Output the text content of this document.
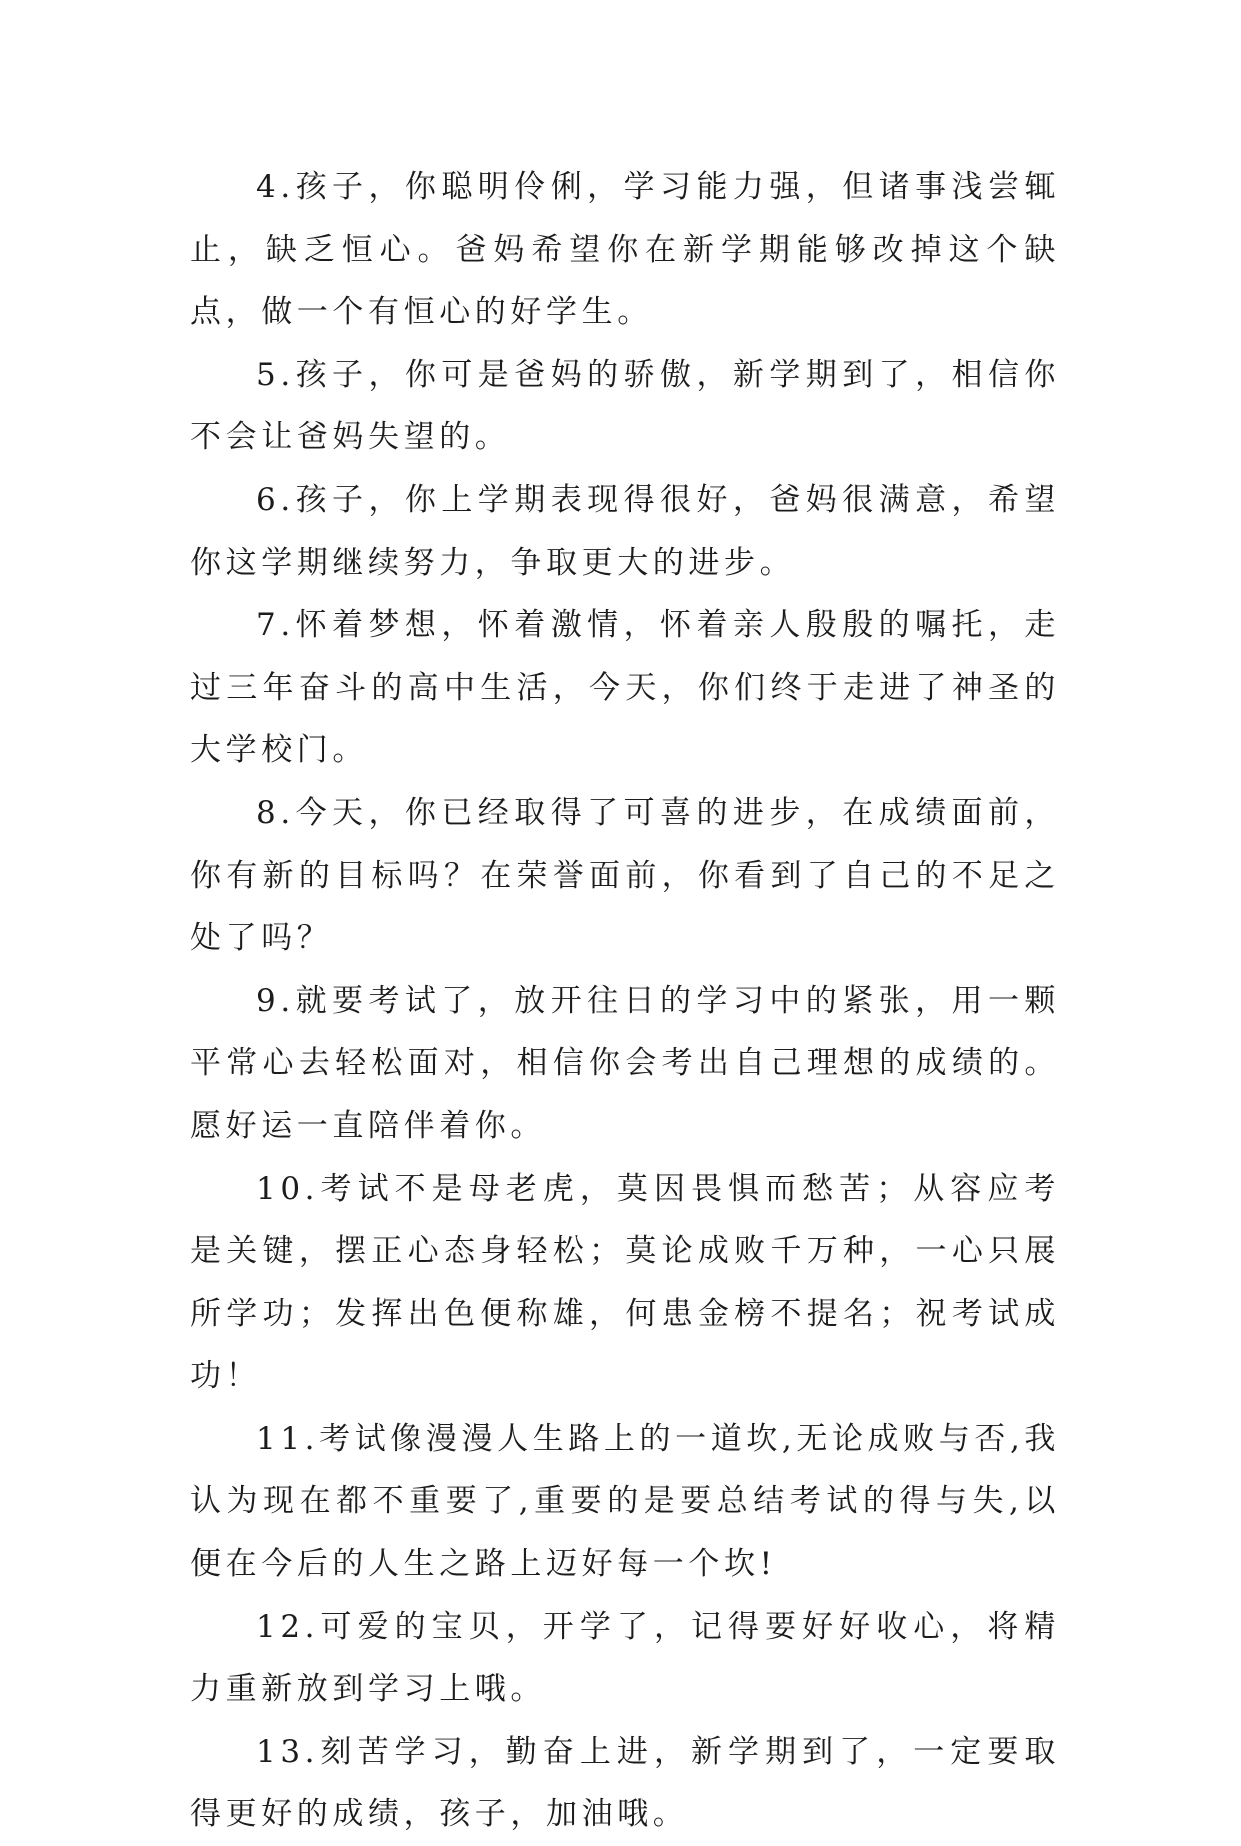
4.孩子，你聪明伶俐，学习能力强，但诸事浅尝辄止，缺乏恒心。爸妈希望你在新学期能够改掉这个缺点，做一个有恒心的好学生。

5.孩子，你可是爸妈的骄傲，新学期到了，相信你不会让爸妈失望的。

6.孩子，你上学期表现得很好，爸妈很满意，希望你这学期继续努力，争取更大的进步。

7.怀着梦想，怀着激情，怀着亲人殷殷的嘱托，走过三年奋斗的高中生活，今天，你们终于走进了神圣的大学校门。

8.今天，你已经取得了可喜的进步，在成绩面前，你有新的目标吗？在荣誉面前，你看到了自己的不足之处了吗？

9.就要考试了，放开往日的学习中的紧张，用一颗平常心去轻松面对，相信你会考出自己理想的成绩的。愿好运一直陪伴着你。

10.考试不是母老虎，莫因畏惧而愁苦；从容应考是关键，摆正心态身轻松；莫论成败千万种，一心只展所学功；发挥出色便称雄，何患金榜不提名；祝考试成功！

11.考试像漫漫人生路上的一道坎,无论成败与否,我认为现在都不重要了,重要的是要总结考试的得与失,以便在今后的人生之路上迈好每一个坎!

12.可爱的宝贝，开学了，记得要好好收心，将精力重新放到学习上哦。

13.刻苦学习，勤奋上进，新学期到了，一定要取得更好的成绩，孩子，加油哦。
